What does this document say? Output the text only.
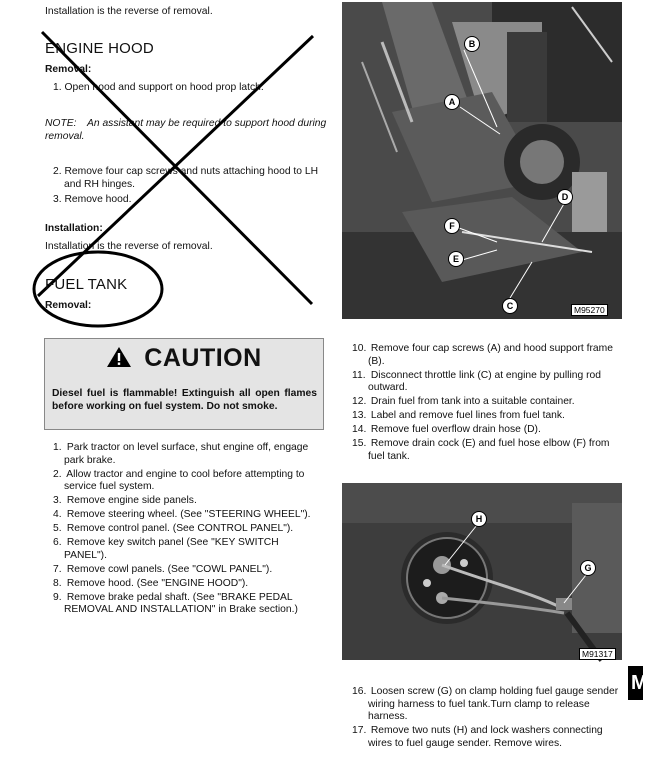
Installation is the reverse of removal.
ENGINE HOOD
Removal:
1. Open hood and support on hood prop latch.
NOTE: An assistant may be required to support hood during removal.
2. Remove four cap screws and nuts attaching hood to LH and RH hinges.
3. Remove hood.
Installation:
Installation is the reverse of removal.
FUEL TANK
Removal:
CAUTION
Diesel fuel is flammable! Extinguish all open flames before working on fuel system. Do not smoke.
1. Park tractor on level surface, shut engine off, engage park brake.
2. Allow tractor and engine to cool before attempting to service fuel system.
3. Remove engine side panels.
4. Remove steering wheel. (See "STEERING WHEEL").
5. Remove control panel. (See CONTROL PANEL").
6. Remove key switch panel (See "KEY SWITCH PANEL").
7. Remove cowl panels. (See "COWL PANEL").
8. Remove hood. (See "ENGINE HOOD").
9. Remove brake pedal shaft. (See "BRAKE PEDAL REMOVAL AND INSTALLATION" in Brake section.)
B
A
D
F
E
C	M95270
10. Remove four cap screws (A) and hood support frame (B).
11. Disconnect throttle link (C) at engine by pulling rod outward.
12. Drain fuel from tank into a suitable container.
13. Label and remove fuel lines from fuel tank.
14. Remove fuel overflow drain hose (D).
15. Remove drain cock (E) and fuel hose elbow (F) from fuel tank.
H
G
M91317
16. Loosen screw (G) on clamp holding fuel gauge sender wiring harness to fuel tank.Turn clamp to release harness.
17. Remove two nuts (H) and lock washers connecting wires to fuel gauge sender. Remove wires.
M
